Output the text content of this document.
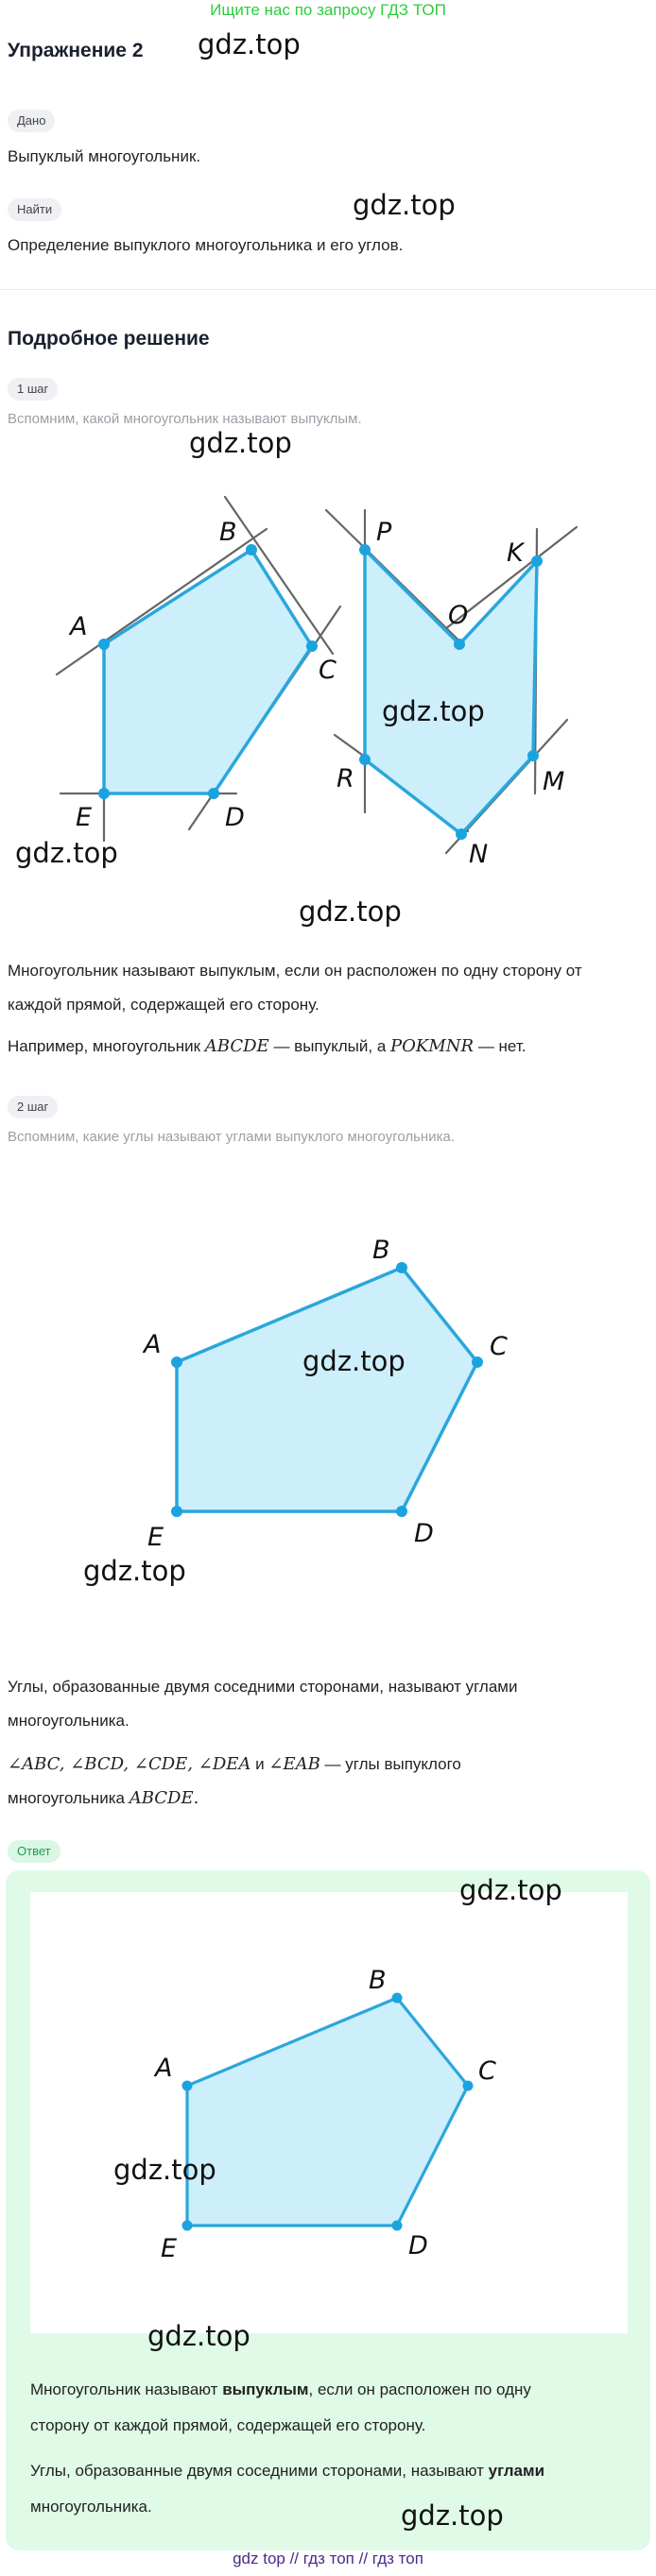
Ищите нас по запросу ГДЗ ТОП
Упражнение 2 gdz.top
Дано
Выпуклый многоугольник.
gdz.top
Найти
Определение выпуклого многоугольника и его углов.
Подробное решение
1 шаг
Вспомним, какой многоугольник называют выпуклым.
A
B
C
D
E
P
O
K
M
N
R
gdz.top
gdz.top
gdz.top
gdz.top
Многоугольник называют выпуклым, если он расположен по одну сторону от
каждой прямой, содержащей его сторону.
Например, многоугольник ABCDE — выпуклый, а POKMNR — нет.
2 шаг
Вспомним, какие углы называют углами выпуклого многоугольника.
A
B
C
D
E
gdz.top
gdz.top
Углы, образованные двумя соседними сторонами, называют углами
многоугольника.
∠ABC, ∠BCD, ∠CDE, ∠DEA и ∠EAB — углы выпуклого
многоугольника ABCDE.
Ответ
A
B
C
D
E
gdz.top
gdz.top
gdz.top
Многоугольник называют выпуклым, если он расположен по одну
сторону от каждой прямой, содержащей его сторону.
Углы, образованные двумя соседними сторонами, называют углами
многоугольника.	gdz.top
gdz top // гдз топ // гдз топ
